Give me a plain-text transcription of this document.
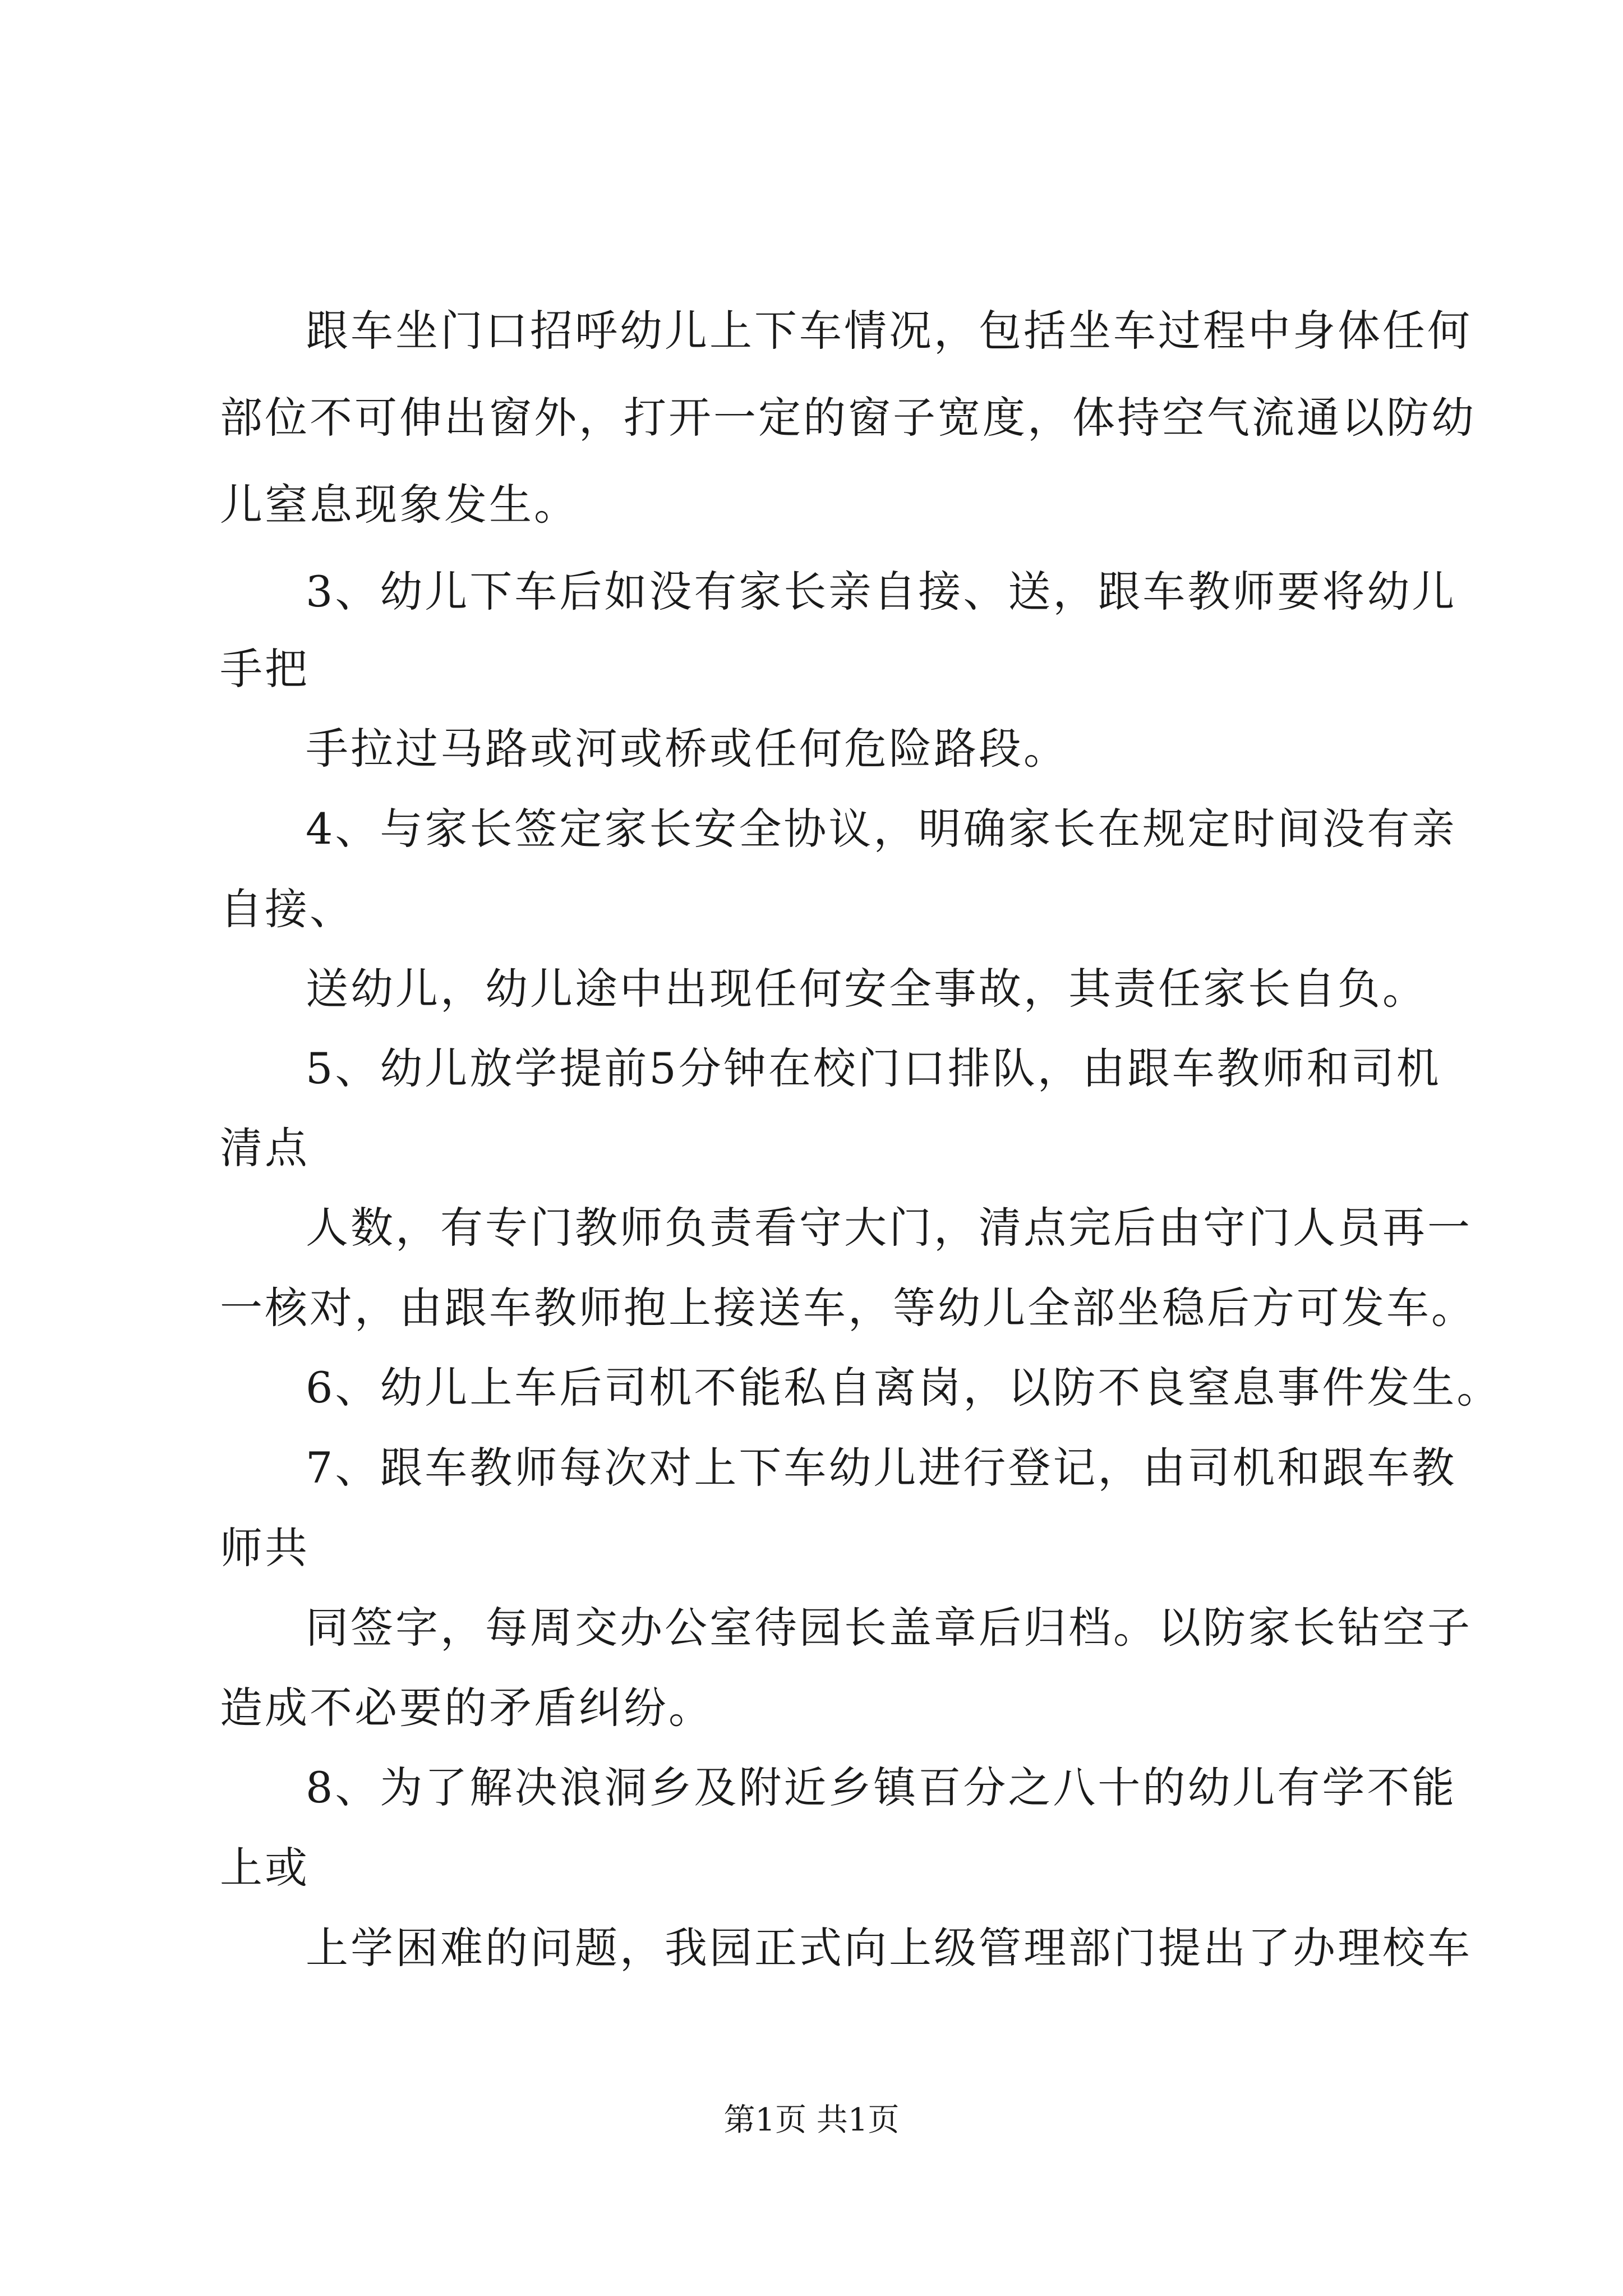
跟车坐门口招呼幼儿上下车情况，包括坐车过程中身体任何
部位不可伸出窗外，打开一定的窗子宽度，体持空气流通以防幼
儿窒息现象发生。
3、幼儿下车后如没有家长亲自接、送，跟车教师要将幼儿
手把
手拉过马路或河或桥或任何危险路段。
4、与家长签定家长安全协议，明确家长在规定时间没有亲
自接、
送幼儿，幼儿途中出现任何安全事故，其责任家长自负。
5、幼儿放学提前5分钟在校门口排队，由跟车教师和司机
清点
人数，有专门教师负责看守大门，清点完后由守门人员再一
一核对，由跟车教师抱上接送车，等幼儿全部坐稳后方可发车。
6、幼儿上车后司机不能私自离岗，以防不良窒息事件发生。
7、跟车教师每次对上下车幼儿进行登记，由司机和跟车教
师共
同签字，每周交办公室待园长盖章后归档。以防家长钻空子
造成不必要的矛盾纠纷。
8、为了解决浪洞乡及附近乡镇百分之八十的幼儿有学不能
上或
上学困难的问题，我园正式向上级管理部门提出了办理校车
第1页 共1页
